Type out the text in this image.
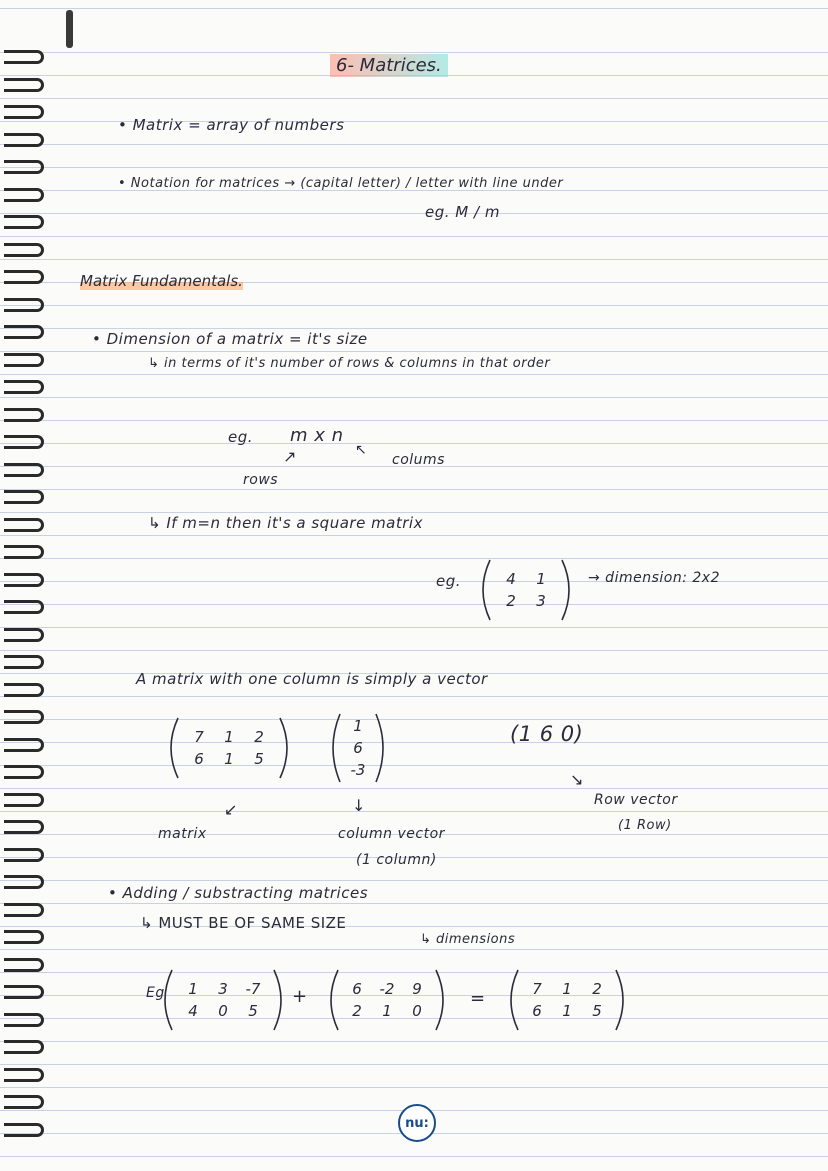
6- Matrices.
• Matrix = array of numbers
• Notation for matrices → (capital letter) / letter with line under
eg. M / m
Matrix Fundamentals.
• Dimension of a matrix = it's size
↳ in terms of it's number of rows & columns in that order
eg. m x n
↗
rows
↖
colums
↳ If m=n then it's a square matrix
eg.	4 1
2 3
→ dimension: 2x2
A matrix with one column is simply a vector
7 1 2
6 1 5
↙
matrix
1
6
-3
↓
column vector
(1 column)
(1 6 0)
↘
Row vector
(1 Row)
• Adding / substracting matrices
↳ MUST BE OF SAME SIZE
↳ dimensions
Eg 1 3 -7
4 0 5
+	6 -2 9
2 1 0
=	7 1 2
6 1 5
nu:
